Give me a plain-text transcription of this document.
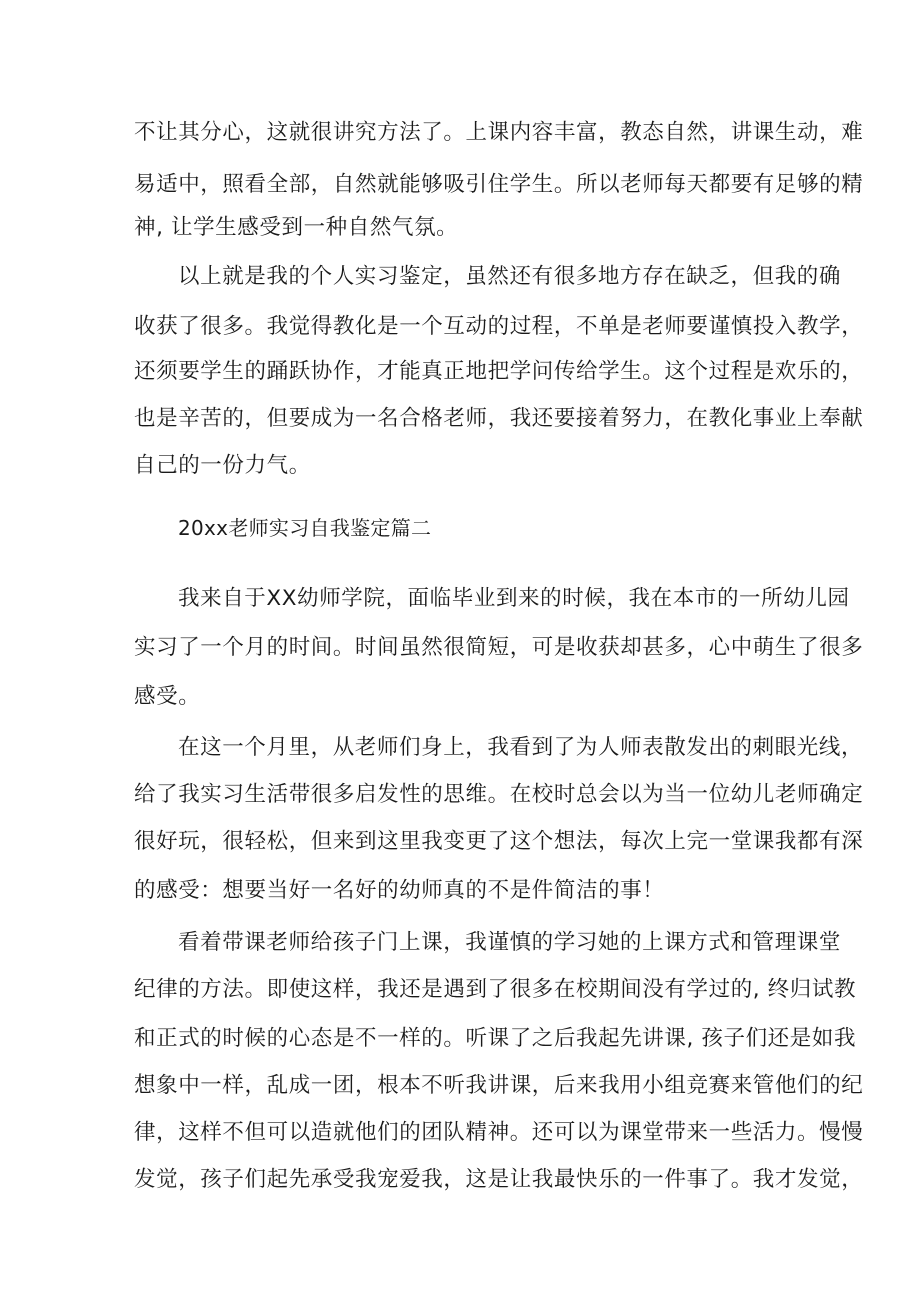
不让其分心，这就很讲究方法了。上课内容丰富，教态自然，讲课生动，难
易适中，照看全部，自然就能够吸引住学生。所以老师每天都要有足够的精
神, 让学生感受到一种自然气氛。
以上就是我的个人实习鉴定，虽然还有很多地方存在缺乏，但我的确
收获了很多。我觉得教化是一个互动的过程，不单是老师要谨慎投入教学，
还须要学生的踊跃协作，才能真正地把学问传给学生。这个过程是欢乐的，
也是辛苦的，但要成为一名合格老师，我还要接着努力，在教化事业上奉献
自己的一份力气。
20xx老师实习自我鉴定篇二
我来自于XX幼师学院，面临毕业到来的时候，我在本市的一所幼儿园
实习了一个月的时间。时间虽然很简短，可是收获却甚多，心中萌生了很多
感受。
在这一个月里，从老师们身上，我看到了为人师表散发出的刺眼光线，
给了我实习生活带很多启发性的思维。在校时总会以为当一位幼儿老师确定
很好玩，很轻松，但来到这里我变更了这个想法，每次上完一堂课我都有深
的感受：想要当好一名好的幼师真的不是件简洁的事！
看着带课老师给孩子门上课，我谨慎的学习她的上课方式和管理课堂
纪律的方法。即使这样，我还是遇到了很多在校期间没有学过的, 终归试教
和正式的时候的心态是不一样的。听课了之后我起先讲课, 孩子们还是如我
想象中一样，乱成一团，根本不听我讲课，后来我用小组竞赛来管他们的纪
律，这样不但可以造就他们的团队精神。还可以为课堂带来一些活力。慢慢
发觉，孩子们起先承受我宠爱我，这是让我最快乐的一件事了。我才发觉，
